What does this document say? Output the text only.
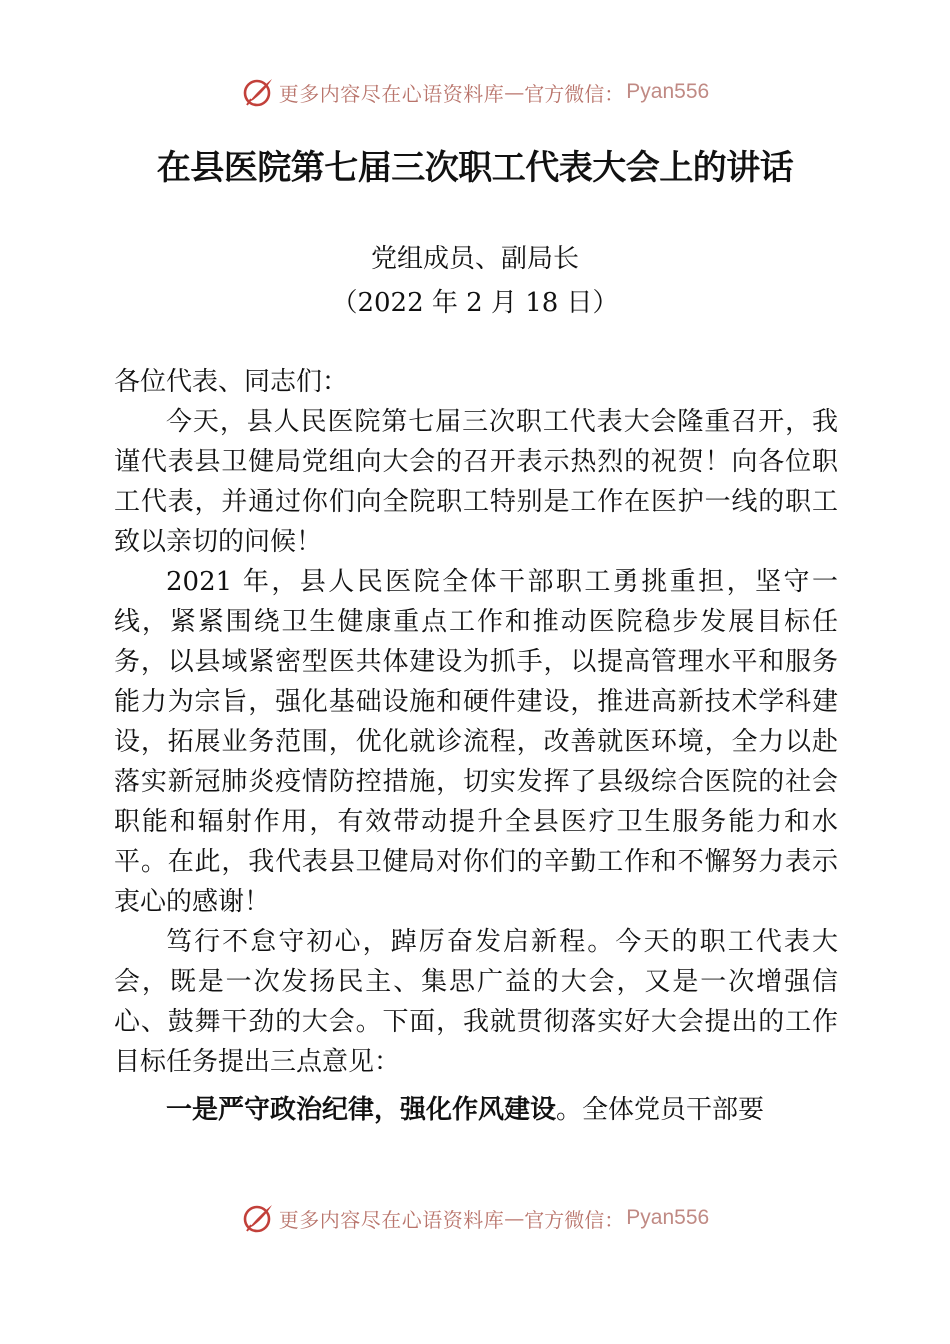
更多内容尽在心语资料库 — 官方微信： Pyan556
在县医院第七届三次职工代表大会上的讲话

党组成员、副局长

（2022 年 2 月 18 日）

各位代表、同志们：

今天，县人民医院第七届三次职工代表大会隆重召开，我谨代表县卫健局党组向大会的召开表示热烈的祝贺！向各位职工代表，并通过你们向全院职工特别是工作在医护一线的职工致以亲切的问候！

2021 年，县人民医院全体干部职工勇挑重担，坚守一线，紧紧围绕卫生健康重点工作和推动医院稳步发展目标任务，以县域紧密型医共体建设为抓手，以提高管理水平和服务能力为宗旨，强化基础设施和硬件建设，推进高新技术学科建设，拓展业务范围，优化就诊流程，改善就医环境，全力以赴落实新冠肺炎疫情防控措施，切实发挥了县级综合医院的社会职能和辐射作用，有效带动提升全县医疗卫生服务能力和水平。在此，我代表县卫健局对你们的辛勤工作和不懈努力表示衷心的感谢！

笃行不怠守初心，踔厉奋发启新程。今天的职工代表大会，既是一次发扬民主、集思广益的大会，又是一次增强信心、鼓舞干劲的大会。下面，我就贯彻落实好大会提出的工作目标任务提出三点意见：

一是严守政治纪律，强化作风建设。全体党员干部要

更多内容尽在心语资料库 — 官方微信： Pyan556
